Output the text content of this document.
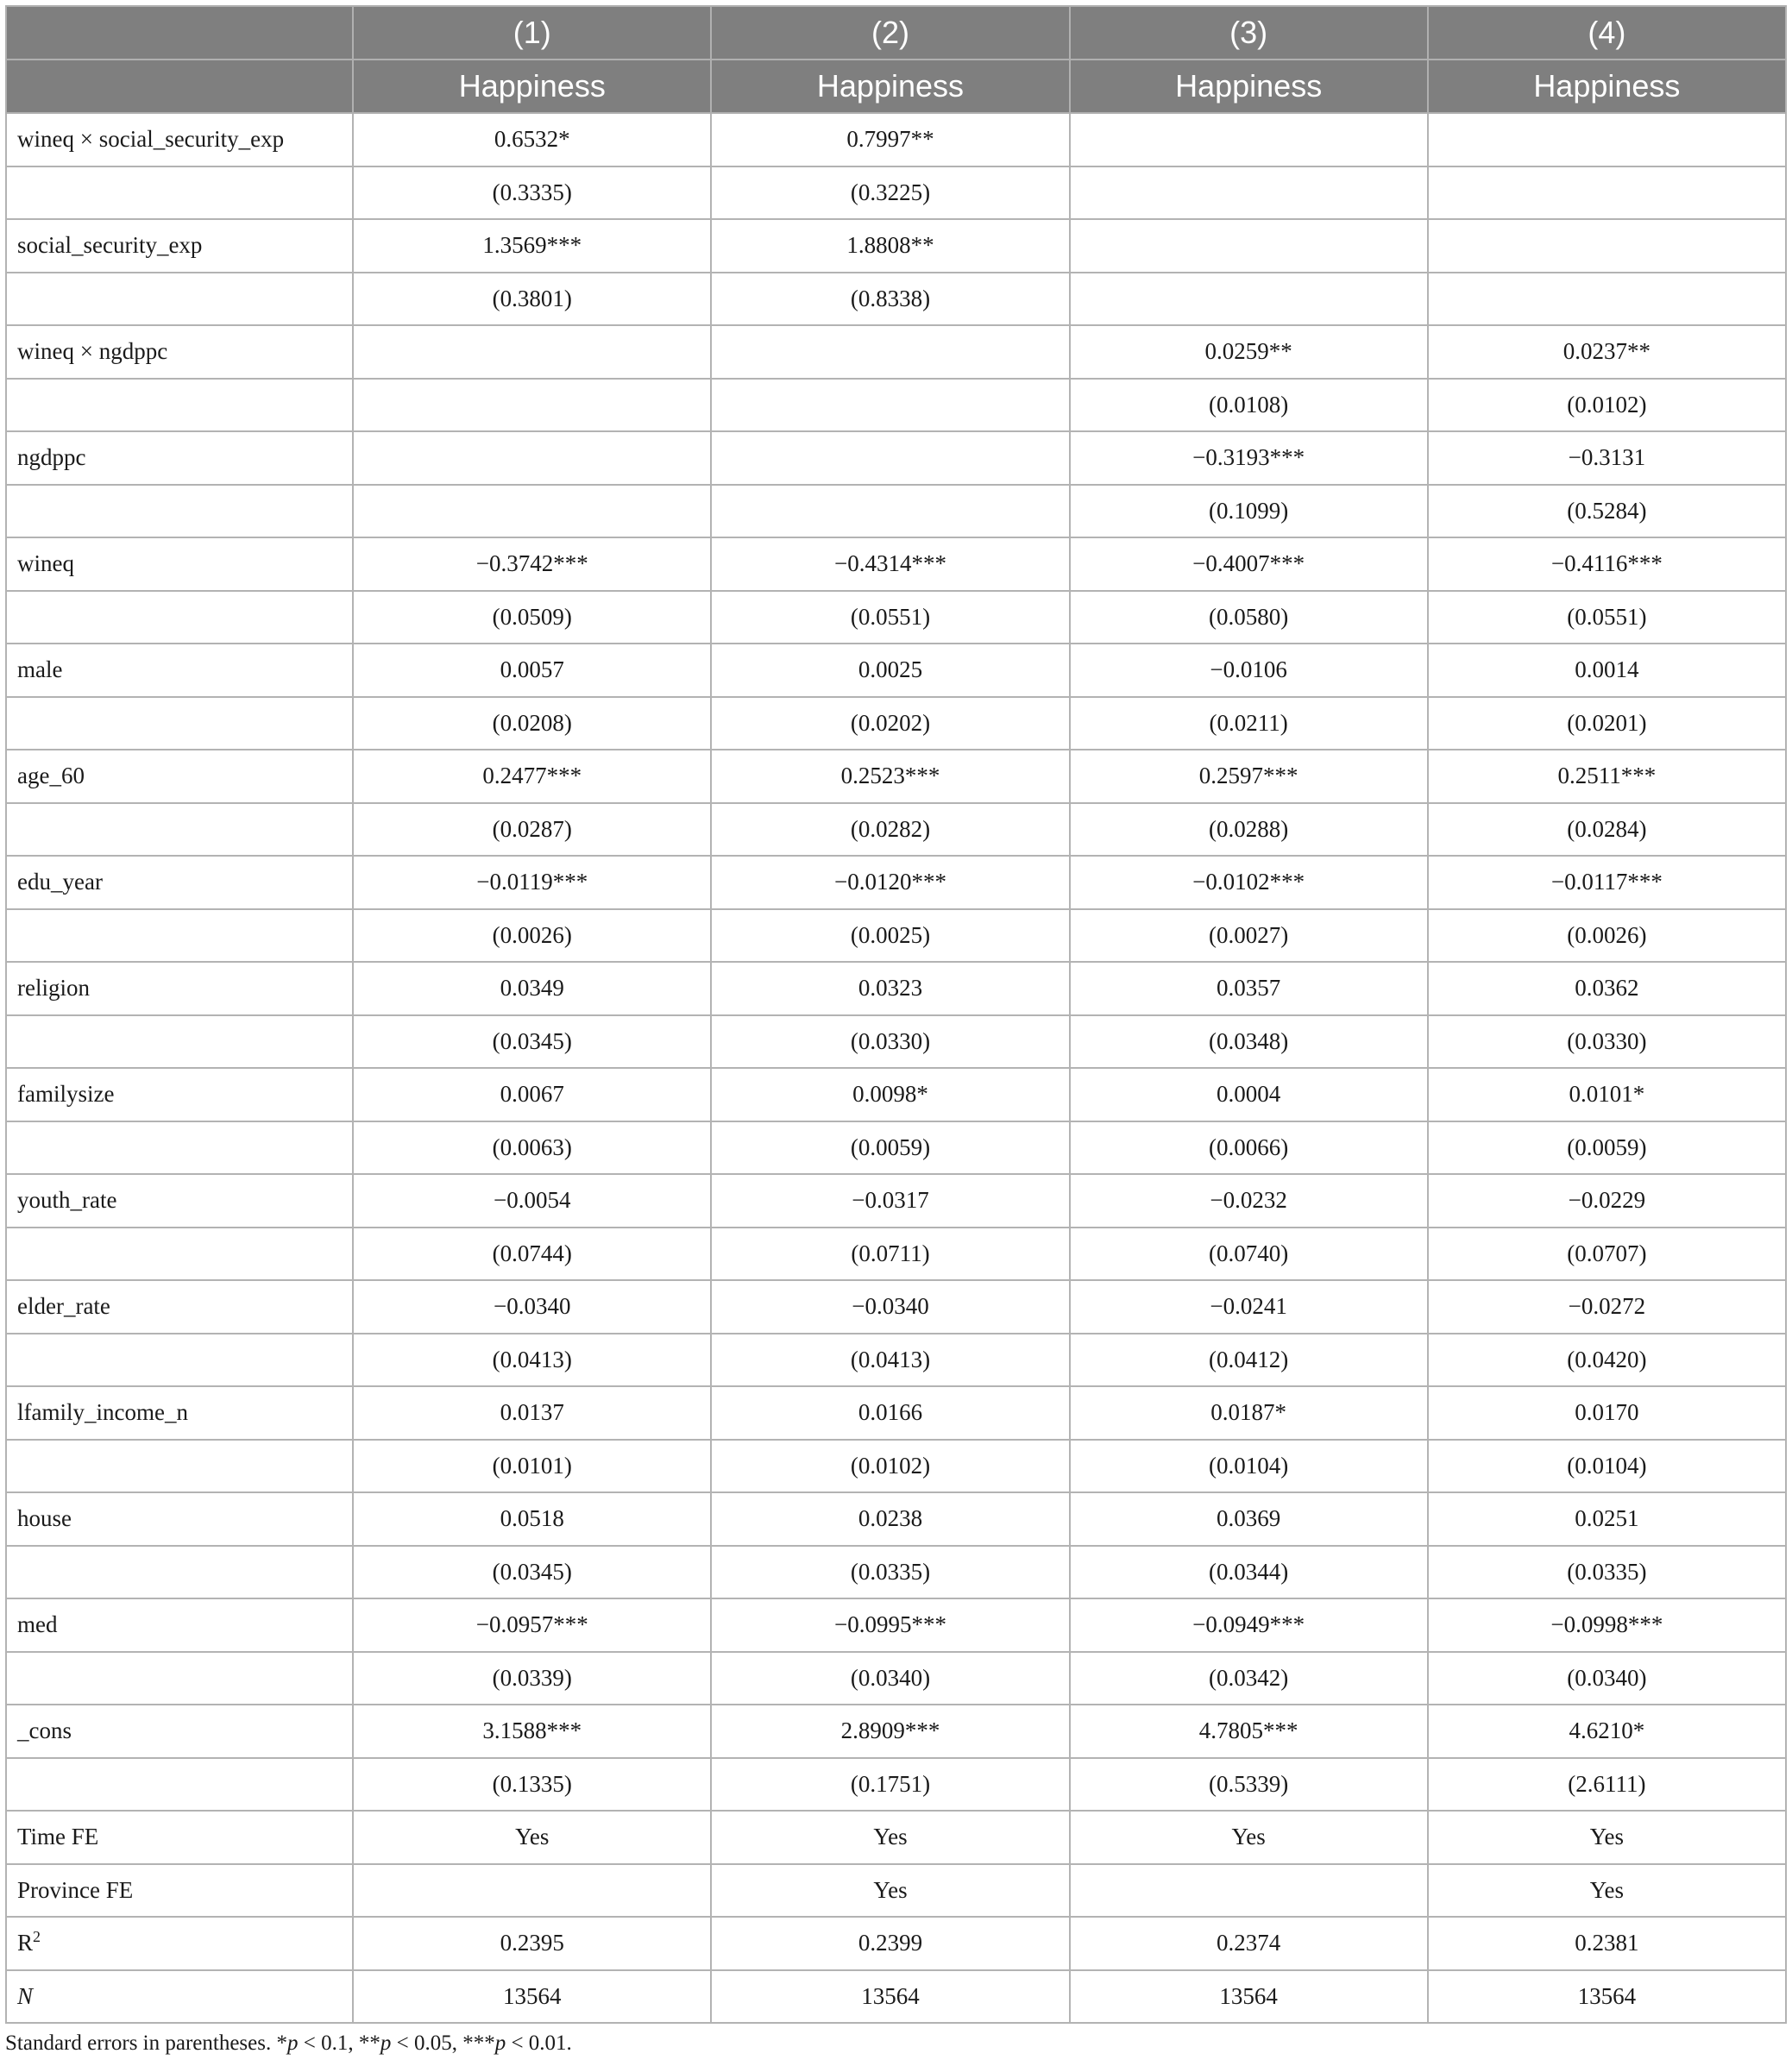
	(1)	(2)	(3)	(4)
	Happiness	Happiness	Happiness	Happiness
wineq × social_security_exp	0.6532*	0.7997**		
	(0.3335)	(0.3225)		
social_security_exp	1.3569***	1.8808**		
	(0.3801)	(0.8338)		
wineq × ngdppc			0.0259**	0.0237**
			(0.0108)	(0.0102)
ngdppc			−0.3193***	−0.3131
			(0.1099)	(0.5284)
wineq	−0.3742***	−0.4314***	−0.4007***	−0.4116***
	(0.0509)	(0.0551)	(0.0580)	(0.0551)
male	0.0057	0.0025	−0.0106	0.0014
	(0.0208)	(0.0202)	(0.0211)	(0.0201)
age_60	0.2477***	0.2523***	0.2597***	0.2511***
	(0.0287)	(0.0282)	(0.0288)	(0.0284)
edu_year	−0.0119***	−0.0120***	−0.0102***	−0.0117***
	(0.0026)	(0.0025)	(0.0027)	(0.0026)
religion	0.0349	0.0323	0.0357	0.0362
	(0.0345)	(0.0330)	(0.0348)	(0.0330)
familysize	0.0067	0.0098*	0.0004	0.0101*
	(0.0063)	(0.0059)	(0.0066)	(0.0059)
youth_rate	−0.0054	−0.0317	−0.0232	−0.0229
	(0.0744)	(0.0711)	(0.0740)	(0.0707)
elder_rate	−0.0340	−0.0340	−0.0241	−0.0272
	(0.0413)	(0.0413)	(0.0412)	(0.0420)
lfamily_income_n	0.0137	0.0166	0.0187*	0.0170
	(0.0101)	(0.0102)	(0.0104)	(0.0104)
house	0.0518	0.0238	0.0369	0.0251
	(0.0345)	(0.0335)	(0.0344)	(0.0335)
med	−0.0957***	−0.0995***	−0.0949***	−0.0998***
	(0.0339)	(0.0340)	(0.0342)	(0.0340)
_cons	3.1588***	2.8909***	4.7805***	4.6210*
	(0.1335)	(0.1751)	(0.5339)	(2.6111)
Time FE	Yes	Yes	Yes	Yes
Province FE		Yes		Yes
$R^2$	0.2395	0.2399	0.2374	0.2381
N	13564	13564	13564	13564
Standard errors in parentheses. *p < 0.1, **p < 0.05, ***p < 0.01.
